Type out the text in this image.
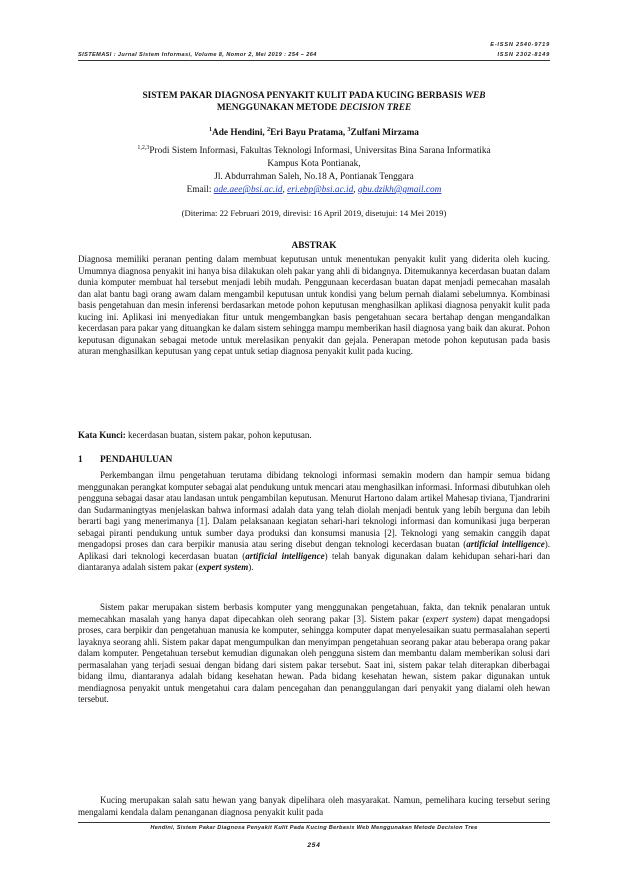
E-ISSN 2540-9719
SISTEMASI : Jurnal Sistem Informasi, Volume 8, Nomor 2, Mei 2019 : 254 – 264	ISSN 2302-8149
SISTEM PAKAR DIAGNOSA PENYAKIT KULIT PADA KUCING BERBASIS WEB
MENGGUNAKAN METODE DECISION TREE
$^1$Ade Hendini, $^2$Eri Bayu Pratama, $^3$Zulfani Mirzama
$^{1,2,3}$Prodi Sistem Informasi, Fakultas Teknologi Informasi, Universitas Bina Sarana Informatika
Kampus Kota Pontianak,
Jl. Abdurrahman Saleh, No.18 A, Pontianak Tenggara
Email: ade.aee@bsi.ac.id, eri.ebp@bsi.ac.id, gbu.dzikh@gmail.com
(Diterima: 22 Februari 2019, direvisi: 16 April 2019, disetujui: 14 Mei 2019)
ABSTRAK
Diagnosa memiliki peranan penting dalam membuat keputusan untuk menentukan penyakit kulit yang diderita oleh kucing. Umumnya diagnosa penyakit ini hanya bisa dilakukan oleh pakar yang ahli di bidangnya. Ditemukannya kecerdasan buatan dalam dunia komputer membuat hal tersebut menjadi lebih mudah. Penggunaan kecerdasan buatan dapat menjadi pemecahan masalah dan alat bantu bagi orang awam dalam mengambil keputusan untuk kondisi yang belum pernah dialami sebelumnya. Kombinasi basis pengetahuan dan mesin inferensi berdasarkan metode pohon keputusan menghasilkan aplikasi diagnosa penyakit kulit pada kucing ini. Aplikasi ini menyediakan fitur untuk mengembangkan basis pengetahuan secara bertahap dengan mengandalkan kecerdasan para pakar yang dituangkan ke dalam sistem sehingga mampu memberikan hasil diagnosa yang baik dan akurat. Pohon keputusan digunakan sebagai metode untuk merelasikan penyakit dan gejala. Penerapan metode pohon keputusan pada basis aturan menghasilkan keputusan yang cepat untuk setiap diagnosa penyakit kulit pada kucing.
Kata Kunci: kecerdasan buatan, sistem pakar, pohon keputusan.
1 PENDAHULUAN
Perkembangan ilmu pengetahuan terutama dibidang teknologi informasi semakin modern dan hampir semua bidang menggunakan perangkat komputer sebagai alat pendukung untuk mencari atau menghasilkan informasi. Informasi dibutuhkan oleh pengguna sebagai dasar atau landasan untuk pengambilan keputusan. Menurut Hartono dalam artikel Mahesap tiviana, Tjandrarini dan Sudarmaningtyas menjelaskan bahwa informasi adalah data yang telah diolah menjadi bentuk yang lebih berguna dan lebih berarti bagi yang menerimanya [1]. Dalam pelaksanaan kegiatan sehari-hari teknologi informasi dan komunikasi juga berperan sebagai piranti pendukung untuk sumber daya produksi dan konsumsi manusia [2]. Teknologi yang semakin canggih dapat mengadopsi proses dan cara berpikir manusia atau sering disebut dengan teknologi kecerdasan buatan (artificial intelligence). Aplikasi dari teknologi kecerdasan buatan (artificial intelligence) telah banyak digunakan dalam kehidupan sehari-hari dan diantaranya adalah sistem pakar (expert system).
Sistem pakar merupakan sistem berbasis komputer yang menggunakan pengetahuan, fakta, dan teknik penalaran untuk memecahkan masalah yang hanya dapat dipecahkan oleh seorang pakar [3]. Sistem pakar (expert system) dapat mengadopsi proses, cara berpikir dan pengetahuan manusia ke komputer, sehingga komputer dapat menyelesaikan suatu permasalahan seperti layaknya seorang ahli. Sistem pakar dapat mengumpulkan dan menyimpan pengetahuan seorang pakar atau beberapa orang pakar dalam komputer. Pengetahuan tersebut kemudian digunakan oleh pengguna sistem dan membantu dalam memberikan solusi dari permasalahan yang terjadi sesuai dengan bidang dari sistem pakar tersebut. Saat ini, sistem pakar telah diterapkan diberbagai bidang ilmu, diantaranya adalah bidang kesehatan hewan. Pada bidang kesehatan hewan, sistem pakar digunakan untuk mendiagnosa penyakit untuk mengetahui cara dalam pencegahan dan penanggulangan dari penyakit yang dialami oleh hewan tersebut.
Kucing merupakan salah satu hewan yang banyak dipelihara oleh masyarakat. Namun, pemelihara kucing tersebut sering mengalami kendala dalam penanganan diagnosa penyakit kulit pada
Hendini, Sistem Pakar Diagnosa Penyakit Kulit Pada Kucing Berbasis Web Menggunakan Metode Decision Tree
254
